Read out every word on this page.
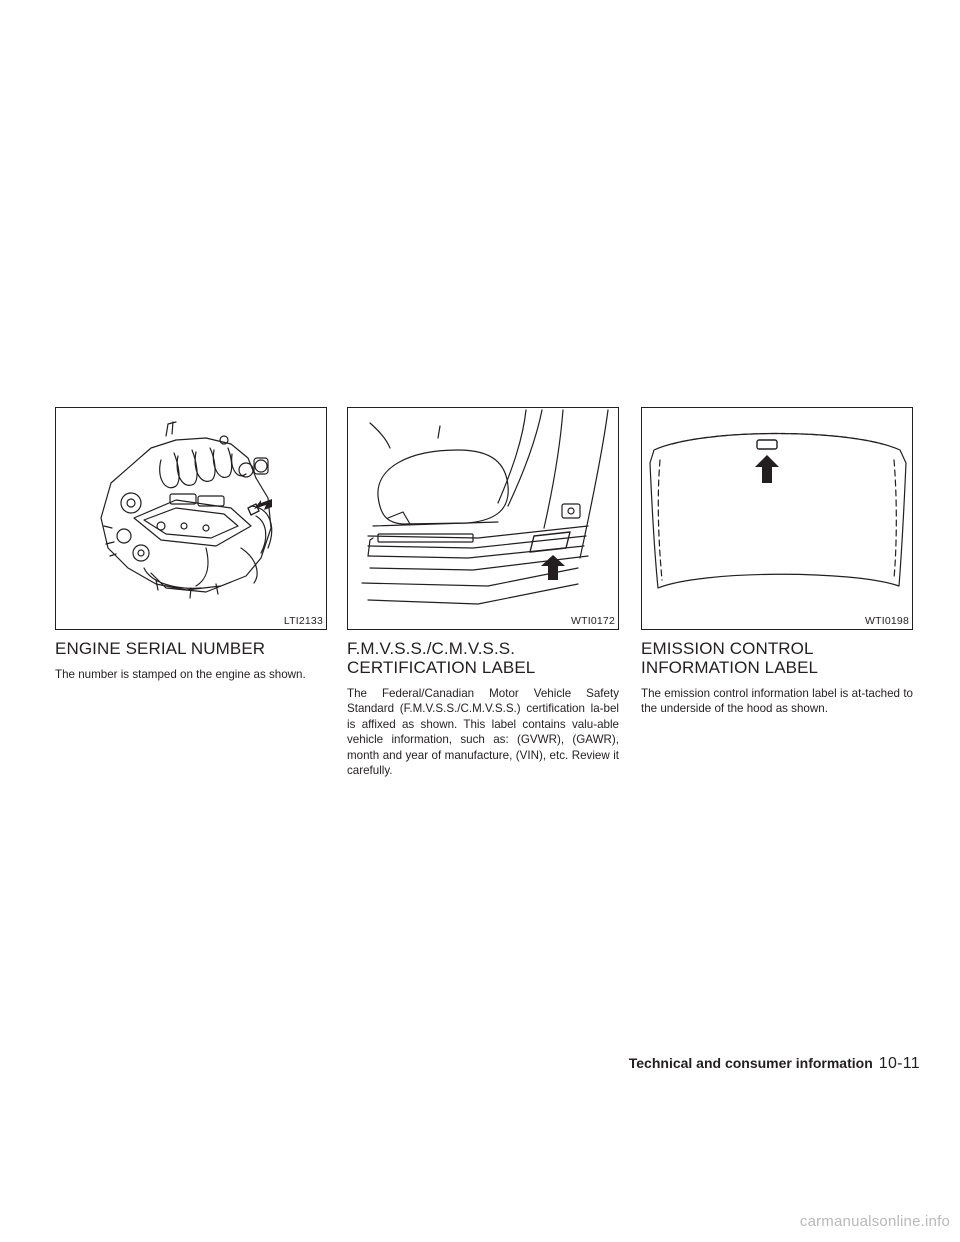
LTI2133
ENGINE SERIAL NUMBER

The number is stamped on the engine as shown.

WTI0172
F.M.V.S.S./C.M.V.S.S.
CERTIFICATION LABEL

The Federal/Canadian Motor Vehicle Safety Standard (F.M.V.S.S./C.M.V.S.S.) certification la-bel is affixed as shown. This label contains valu-able vehicle information, such as: (GVWR), (GAWR), month and year of manufacture, (VIN), etc. Review it carefully.

WTI0198
EMISSION CONTROL
INFORMATION LABEL

The emission control information label is at-tached to the underside of the hood as shown.

Technical and consumer information 10-11
carmanualsonline.info
